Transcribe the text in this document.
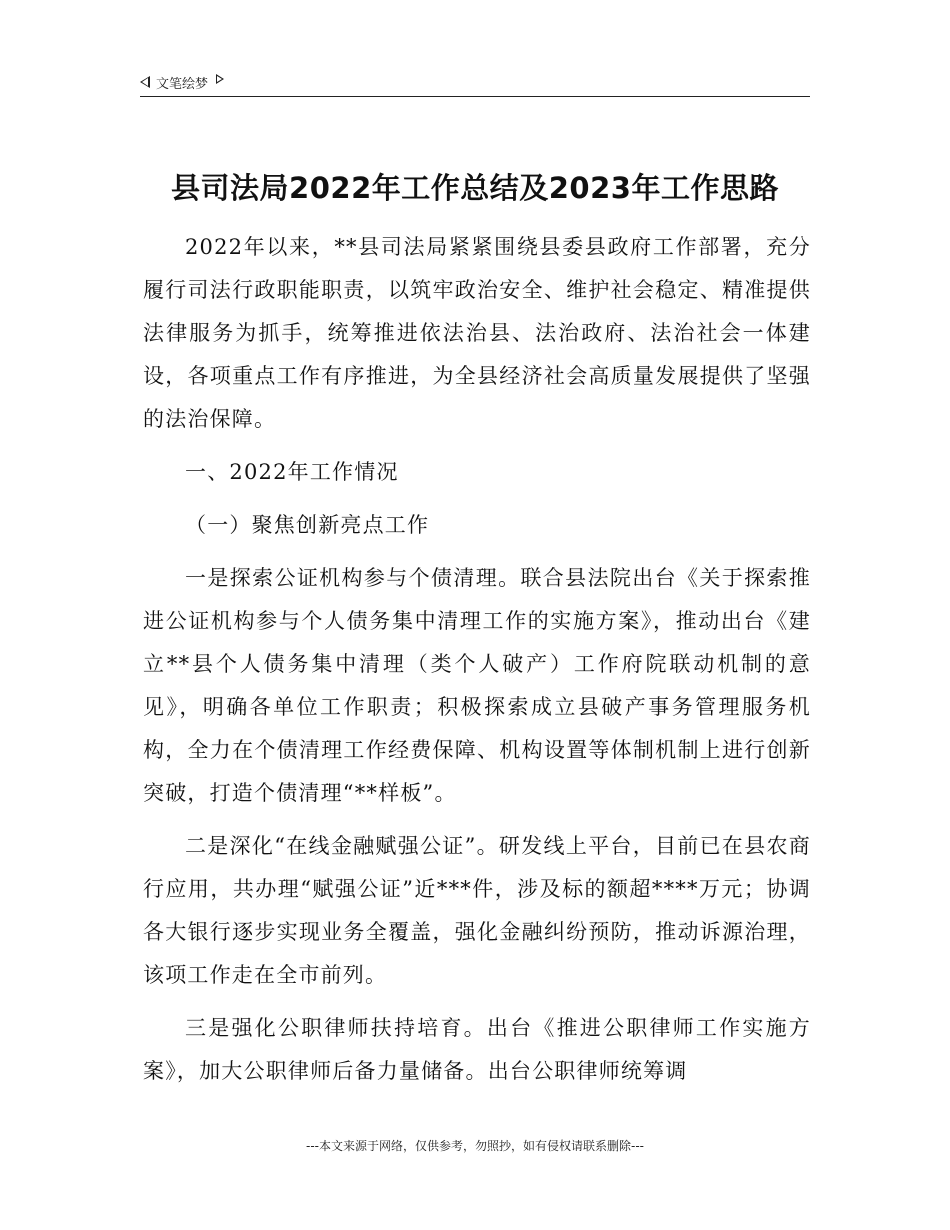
文笔绘梦
县司法局2022年工作总结及2023年工作思路

2022年以来，**县司法局紧紧围绕县委县政府工作部署，充分履行司法行政职能职责，以筑牢政治安全、维护社会稳定、精准提供法律服务为抓手，统筹推进依法治县、法治政府、法治社会一体建设，各项重点工作有序推进，为全县经济社会高质量发展提供了坚强的法治保障。

一、2022年工作情况

（一）聚焦创新亮点工作

一是探索公证机构参与个债清理。联合县法院出台《关于探索推进公证机构参与个人债务集中清理工作的实施方案》，推动出台《建立**县个人债务集中清理（类个人破产）工作府院联动机制的意见》，明确各单位工作职责；积极探索成立县破产事务管理服务机构，全力在个债清理工作经费保障、机构设置等体制机制上进行创新突破，打造个债清理“**样板”。

二是深化“在线金融赋强公证”。研发线上平台，目前已在县农商行应用，共办理“赋强公证”近***件，涉及标的额超****万元；协调各大银行逐步实现业务全覆盖，强化金融纠纷预防，推动诉源治理，该项工作走在全市前列。

三是强化公职律师扶持培育。出台《推进公职律师工作实施方案》，加大公职律师后备力量储备。出台公职律师统筹调

---本文来源于网络，仅供参考，勿照抄，如有侵权请联系删除---
